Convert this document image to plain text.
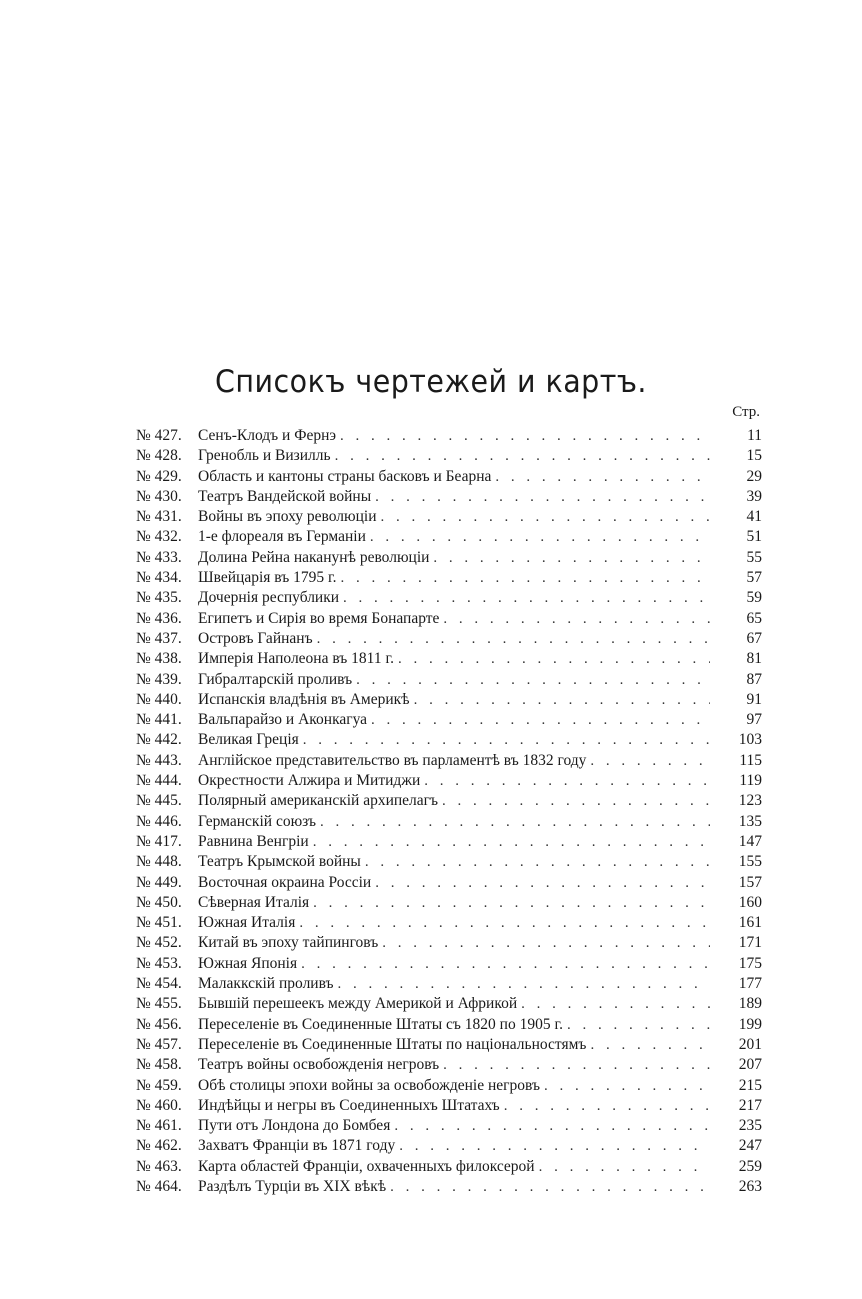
Списокъ чертежей и картъ.
Стр.
№ 427.	Сенъ-Клодъ и Фернэ . . .	11
№ 428.	Гренобль и Визилль . . .	15
№ 429.	Область и кантоны страны басковъ и Беарна . . .	29
№ 430.	Театръ Вандейской войны . . .	39
№ 431.	Войны въ эпоху революціи . . .	41
№ 432.	1-е флореаля въ Германіи . . .	51
№ 433.	Долина Рейна наканунѣ революціи . . .	55
№ 434.	Швейцарія въ 1795 г. . . .	57
№ 435.	Дочернія республики . . .	59
№ 436.	Египетъ и Сирія во время Бонапарте . . .	65
№ 437.	Островъ Гайнанъ . . .	67
№ 438.	Имперія Наполеона въ 1811 г. . . .	81
№ 439.	Гибралтарскій проливъ . . .	87
№ 440.	Испанскія владѣнія въ Америкѣ . . .	91
№ 441.	Вальпарайзо и Аконкагуа . . .	97
№ 442.	Великая Греція . . .	103
№ 443.	Англійское представительство въ парламентѣ въ 1832 году . . .	115
№ 444.	Окрестности Алжира и Митиджи . . .	119
№ 445.	Полярный американскій архипелагъ . . .	123
№ 446.	Германскій союзъ . . .	135
№ 417.	Равнина Венгріи . . .	147
№ 448.	Театръ Крымской войны . . .	155
№ 449.	Восточная окраина Россіи . . .	157
№ 450.	Сѣверная Италія . . .	160
№ 451.	Южная Италія . . .	161
№ 452.	Китай въ эпоху тайпинговъ . . .	171
№ 453.	Южная Японія . . .	175
№ 454.	Малаккскій проливъ . . .	177
№ 455.	Бывшій перешеекъ между Америкой и Африкой . . .	189
№ 456.	Переселеніе въ Соединенные Штаты съ 1820 по 1905 г. . . .	199
№ 457.	Переселеніе въ Соединенные Штаты по національностямъ . . .	201
№ 458.	Театръ войны освобожденія негровъ . . .	207
№ 459.	Обѣ столицы эпохи войны за освобожденіе негровъ . . .	215
№ 460.	Индѣйцы и негры въ Соединенныхъ Штатахъ . . .	217
№ 461.	Пути отъ Лондона до Бомбея . . .	235
№ 462.	Захватъ Франціи въ 1871 году . . .	247
№ 463.	Карта областей Франціи, охваченныхъ филоксерой . . .	259
№ 464.	Раздѣлъ Турціи въ XIX вѣкѣ . . .	263
